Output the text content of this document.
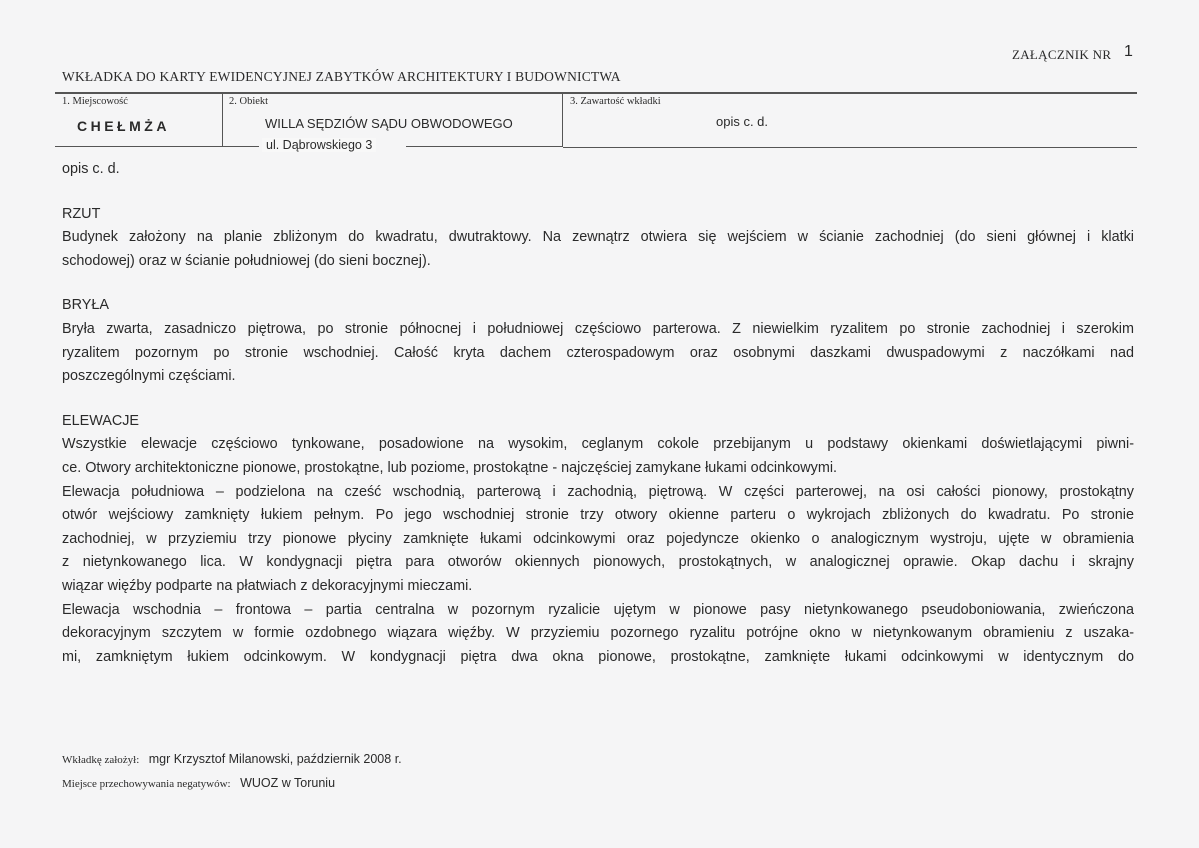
ZAŁĄCZNIK NR 1
WKŁADKA DO KARTY EWIDENCYJNEJ ZABYTKÓW ARCHITEKTURY I BUDOWNICTWA
1. Miejscowość
CHEŁMŻA
2. Obiekt
WILLA SĘDZIÓW SĄDU OBWODOWEGO
ul. Dąbrowskiego 3
3. Zawartość wkładki
opis c. d.

opis c. d.

RZUT

Budynek założony na planie zbliżonym do kwadratu, dwutraktowy. Na zewnątrz otwiera się wejściem w ścianie zachodniej (do sieni głównej i klatki

schodowej) oraz w ścianie południowej (do sieni bocznej).

BRYŁA

Bryła zwarta, zasadniczo piętrowa, po stronie północnej i południowej częściowo parterowa. Z niewielkim ryzalitem po stronie zachodniej i szerokim

ryzalitem pozornym po stronie wschodniej. Całość kryta dachem czterospadowym oraz osobnymi daszkami dwuspadowymi z naczółkami nad

poszczególnymi częściami.

ELEWACJE

Wszystkie elewacje częściowo tynkowane, posadowione na wysokim, ceglanym cokole przebijanym u podstawy okienkami doświetlającymi piwni-

ce. Otwory architektoniczne pionowe, prostokątne, lub poziome, prostokątne - najczęściej zamykane łukami odcinkowymi.

Elewacja południowa – podzielona na cześć wschodnią, parterową i zachodnią, piętrową. W części parterowej, na osi całości pionowy, prostokątny

otwór wejściowy zamknięty łukiem pełnym. Po jego wschodniej stronie trzy otwory okienne parteru o wykrojach zbliżonych do kwadratu. Po stronie

zachodniej, w przyziemiu trzy pionowe płyciny zamknięte łukami odcinkowymi oraz pojedyncze okienko o analogicznym wystroju, ujęte w obramienia

z nietynkowanego lica. W kondygnacji piętra para otworów okiennych pionowych, prostokątnych, w analogicznej oprawie. Okap dachu i skrajny

wiązar więźby podparte na płatwiach z dekoracyjnymi mieczami.

Elewacja wschodnia – frontowa – partia centralna w pozornym ryzalicie ujętym w pionowe pasy nietynkowanego pseudoboniowania, zwieńczona

dekoracyjnym szczytem w formie ozdobnego wiązara więźby. W przyziemiu pozornego ryzalitu potrójne okno w nietynkowanym obramieniu z uszaka-

mi, zamkniętym łukiem odcinkowym. W kondygnacji piętra dwa okna pionowe, prostokątne, zamknięte łukami odcinkowymi w identycznym do

Wkładkę założył: mgr Krzysztof Milanowski, październik 2008 r.
Miejsce przechowywania negatywów: WUOZ w Toruniu
